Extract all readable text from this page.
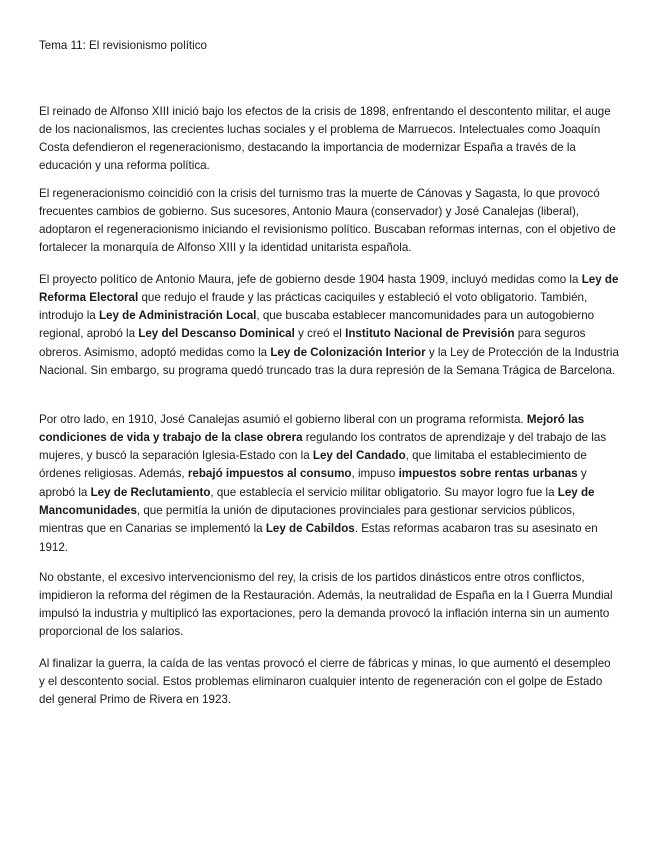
Tema 11: El revisionismo político

El reinado de Alfonso XIII inició bajo los efectos de la crisis de 1898, enfrentando el descontento militar, el auge de los nacionalismos, las crecientes luchas sociales y el problema de Marruecos. Intelectuales como Joaquín Costa defendieron el regeneracionismo, destacando la importancia de modernizar España a través de la educación y una reforma política.

El regeneracionismo coincidió con la crisis del turnismo tras la muerte de Cánovas y Sagasta, lo que provocó frecuentes cambios de gobierno. Sus sucesores, Antonio Maura (conservador) y José Canalejas (liberal), adoptaron el regeneracionismo iniciando el revisionismo político. Buscaban reformas internas, con el objetivo de fortalecer la monarquía de Alfonso XIII y la identidad unitarista española.

El proyecto político de Antonio Maura, jefe de gobierno desde 1904 hasta 1909, incluyó medidas como la Ley de Reforma Electoral que redujo el fraude y las prácticas caciquiles y estableció el voto obligatorio. También, introdujo la Ley de Administración Local, que buscaba establecer mancomunidades para un autogobierno regional, aprobó la Ley del Descanso Dominical y creó el Instituto Nacional de Previsión para seguros obreros. Asimismo, adoptó medidas como la Ley de Colonización Interior y la Ley de Protección de la Industria Nacional. Sin embargo, su programa quedó truncado tras la dura represión de la Semana Trágica de Barcelona.

Por otro lado, en 1910, José Canalejas asumió el gobierno liberal con un programa reformista. Mejoró las condiciones de vida y trabajo de la clase obrera regulando los contratos de aprendizaje y del trabajo de las mujeres, y buscó la separación Iglesia-Estado con la Ley del Candado, que limitaba el establecimiento de órdenes religiosas. Además, rebajó impuestos al consumo, impuso impuestos sobre rentas urbanas y aprobó la Ley de Reclutamiento, que establecía el servicio militar obligatorio. Su mayor logro fue la Ley de Mancomunidades, que permitía la unión de diputaciones provinciales para gestionar servicios públicos, mientras que en Canarias se implementó la Ley de Cabildos. Estas reformas acabaron tras su asesinato en 1912.

No obstante, el excesivo intervencionismo del rey, la crisis de los partidos dinásticos entre otros conflictos, impidieron la reforma del régimen de la Restauración. Además, la neutralidad de España en la I Guerra Mundial impulsó la industria y multiplicó las exportaciones, pero la demanda provocó la inflación interna sin un aumento proporcional de los salarios.

Al finalizar la guerra, la caída de las ventas provocó el cierre de fábricas y minas, lo que aumentó el desempleo y el descontento social. Estos problemas eliminaron cualquier intento de regeneración con el golpe de Estado del general Primo de Rivera en 1923.
